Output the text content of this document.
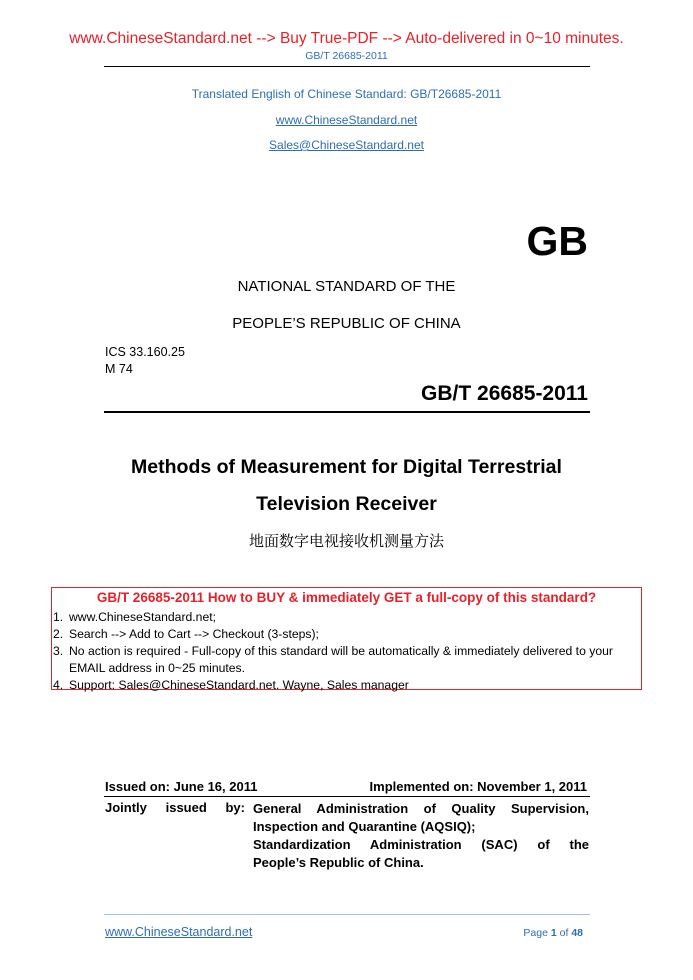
www.ChineseStandard.net --> Buy True-PDF --> Auto-delivered in 0~10 minutes.
GB/T 26685-2011
Translated English of Chinese Standard: GB/T26685-2011
www.ChineseStandard.net
Sales@ChineseStandard.net
GB
NATIONAL STANDARD OF THE
PEOPLE’S REPUBLIC OF CHINA
ICS 33.160.25
M 74
GB/T 26685-2011
Methods of Measurement for Digital Terrestrial
Television Receiver
地面数字电视接收机测量方法
GB/T 26685-2011 How to BUY & immediately GET a full-copy of this standard?
1. www.ChineseStandard.net;
2. Search --> Add to Cart --> Checkout (3-steps);
3. No action is required - Full-copy of this standard will be automatically & immediately delivered to your EMAIL address in 0~25 minutes.
4. Support: Sales@ChineseStandard.net. Wayne, Sales manager
Issued on: June 16, 2011	Implemented on: November 1, 2011
Jointly issued by: General Administration of Quality Supervision,
Inspection and Quarantine (AQSIQ);
Standardization Administration (SAC) of the
People’s Republic of China.
www.ChineseStandard.net	Page 1 of 48
